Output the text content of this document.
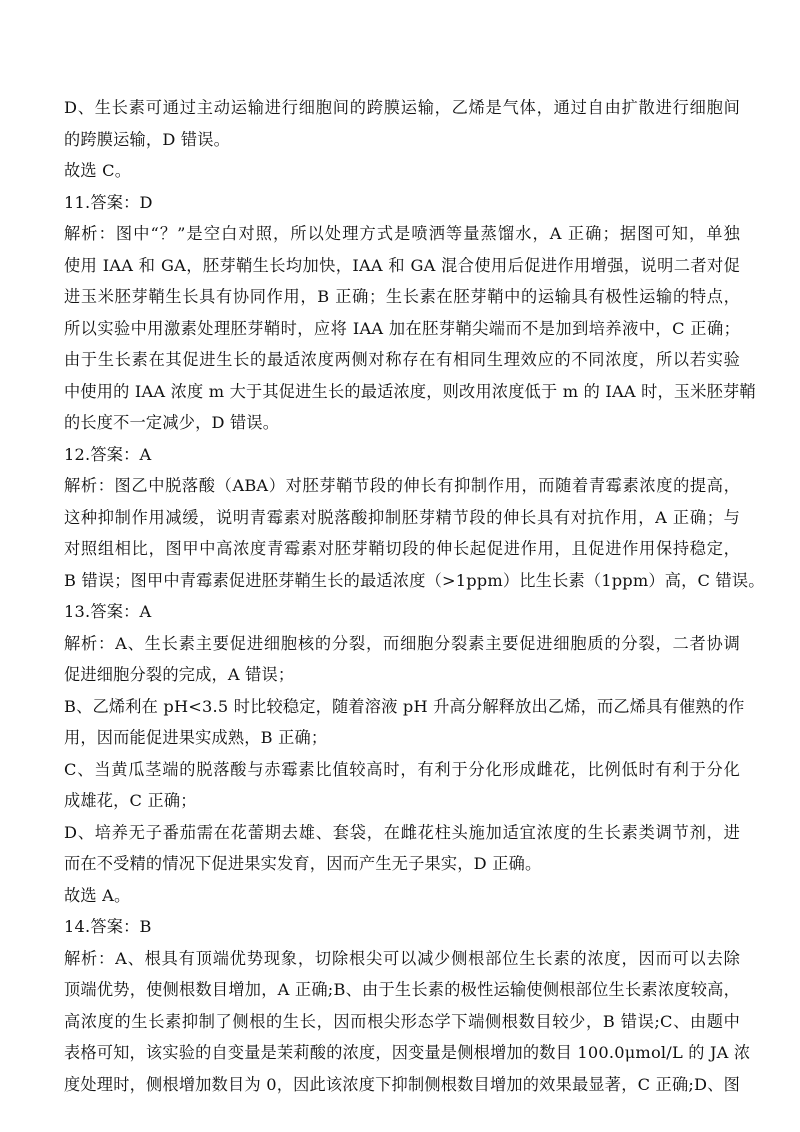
D、生长素可通过主动运输进行细胞间的跨膜运输，乙烯是气体，通过自由扩散进行细胞间
的跨膜运输，D 错误。
故选 C。
11.答案：D
解析：图中“？”是空白对照，所以处理方式是喷洒等量蒸馏水，A 正确；据图可知，单独
使用 IAA 和 GA，胚芽鞘生长均加快，IAA 和 GA 混合使用后促进作用增强，说明二者对促
进玉米胚芽鞘生长具有协同作用，B 正确；生长素在胚芽鞘中的运输具有极性运输的特点，
所以实验中用激素处理胚芽鞘时，应将 IAA 加在胚芽鞘尖端而不是加到培养液中，C 正确；
由于生长素在其促进生长的最适浓度两侧对称存在有相同生理效应的不同浓度，所以若实验
中使用的 IAA 浓度 m 大于其促进生长的最适浓度，则改用浓度低于 m 的 IAA 时，玉米胚芽鞘
的长度不一定减少，D 错误。
12.答案：A
解析：图乙中脱落酸（ABA）对胚芽鞘节段的伸长有抑制作用，而随着青霉素浓度的提高，
这种抑制作用减缓，说明青霉素对脱落酸抑制胚芽精节段的伸长具有对抗作用，A 正确；与
对照组相比，图甲中高浓度青霉素对胚芽鞘切段的伸长起促进作用，且促进作用保持稳定，
B 错误；图甲中青霉素促进胚芽鞘生长的最适浓度（>1ppm）比生长素（1ppm）高，C 错误。
13.答案：A
解析：A、生长素主要促进细胞核的分裂，而细胞分裂素主要促进细胞质的分裂，二者协调
促进细胞分裂的完成，A 错误；
B、乙烯利在 pH<3.5 时比较稳定，随着溶液 pH 升高分解释放出乙烯，而乙烯具有催熟的作
用，因而能促进果实成熟，B 正确；
C、当黄瓜茎端的脱落酸与赤霉素比值较高时，有利于分化形成雌花，比例低时有利于分化
成雄花，C 正确；
D、培养无子番茄需在花蕾期去雄、套袋，在雌花柱头施加适宜浓度的生长素类调节剂，进
而在不受精的情况下促进果实发育，因而产生无子果实，D 正确。
故选 A。
14.答案：B
解析：A、根具有顶端优势现象，切除根尖可以减少侧根部位生长素的浓度，因而可以去除
顶端优势，使侧根数目增加，A 正确;B、由于生长素的极性运输使侧根部位生长素浓度较高，
高浓度的生长素抑制了侧根的生长，因而根尖形态学下端侧根数目较少，B 错误;C、由题中
表格可知，该实验的自变量是茉莉酸的浓度，因变量是侧根增加的数目 100.0μmol/L 的 JA 浓
度处理时，侧根增加数目为 0，因此该浓度下抑制侧根数目增加的效果最显著，C 正确;D、图
